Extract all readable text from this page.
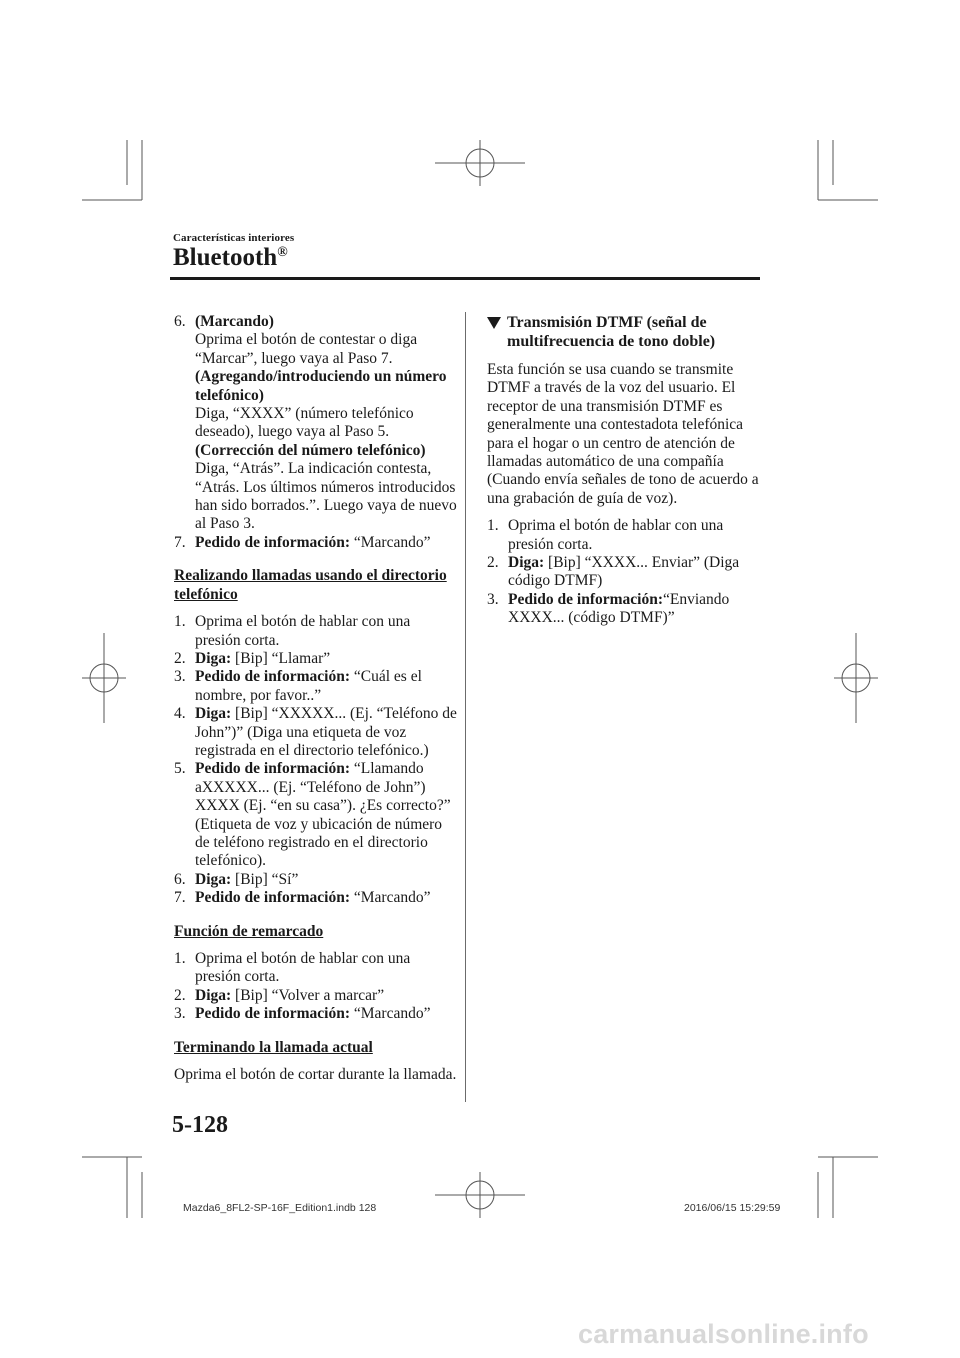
Características interiores
Bluetooth®
6. (Marcando)
Oprima el botón de contestar o diga “Marcar”, luego vaya al Paso 7.
(Agregando/introduciendo un número telefónico)
Diga, “XXXX” (número telefónico deseado), luego vaya al Paso 5.
(Corrección del número telefónico)
Diga, “Atrás”. La indicación contesta, “Atrás. Los últimos números introducidos han sido borrados.”. Luego vaya de nuevo al Paso 3.
7. Pedido de información: “Marcando”
Realizando llamadas usando el directorio telefónico
1. Oprima el botón de hablar con una presión corta.
2. Diga: [Bip] “Llamar”
3. Pedido de información: “Cuál es el nombre, por favor..”
4. Diga: [Bip] “XXXXX... (Ej. “Teléfono de John”)” (Diga una etiqueta de voz registrada en el directorio telefónico.)
5. Pedido de información: “Llamando aXXXXX... (Ej. “Teléfono de John”) XXXX (Ej. “en su casa”). ¿Es correcto?” (Etiqueta de voz y ubicación de número de teléfono registrado en el directorio telefónico).
6. Diga: [Bip] “Sí”
7. Pedido de información: “Marcando”
Función de remarcado
1. Oprima el botón de hablar con una presión corta.
2. Diga: [Bip] “Volver a marcar”
3. Pedido de información: “Marcando”
Terminando la llamada actual
Oprima el botón de cortar durante la llamada.
Transmisión DTMF (señal de multifrecuencia de tono doble)
Esta función se usa cuando se transmite DTMF a través de la voz del usuario. El receptor de una transmisión DTMF es generalmente una contestadota telefónica para el hogar o un centro de atención de llamadas automático de una compañía (Cuando envía señales de tono de acuerdo a una grabación de guía de voz).
1. Oprima el botón de hablar con una presión corta.
2. Diga: [Bip] “XXXX... Enviar” (Diga código DTMF)
3. Pedido de información:“Enviando XXXX... (código DTMF)”
5-128
Mazda6_8FL2-SP-16F_Edition1.indb 128	2016/06/15 15:29:59
carmanualsonline.info
